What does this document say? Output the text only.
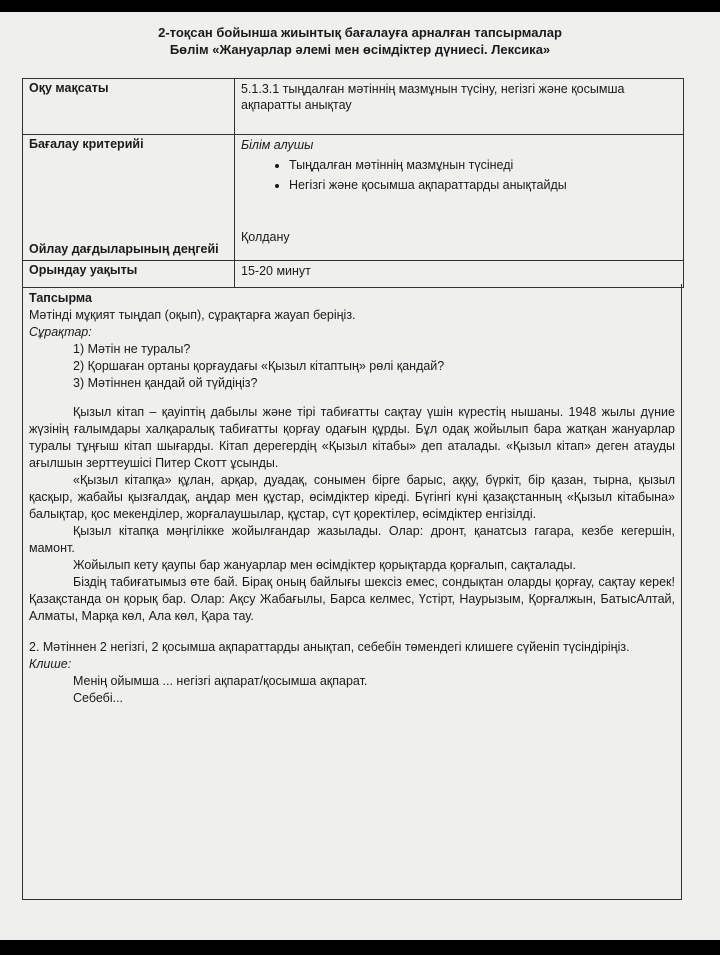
2-тоқсан бойынша жиынтық бағалауға арналған тапсырмалар
Бөлім «Жануарлар әлемі мен өсімдіктер дүниесі. Лексика»
Оқу мақсаты	5.1.3.1 тыңдалған мәтіннің мазмұнын түсіну, негізгі және қосымша ақпаратты анықтау
Бағалау критерийі
Ойлау дағдыларының деңгейі
Білім алушы
• Тыңдалған мәтіннің мазмұнын түсінеді
• Негізгі және қосымша ақпараттарды анықтайды
Қолдану
Орындау уақыты	15-20 минут

Тапсырма

Мәтінді мұқият тыңдап (оқып), сұрақтарға жауап беріңіз.

Сұрақтар:

1) Мәтін не туралы?

2) Қоршаған ортаны қорғаудағы «Қызыл кітаптың» рөлі қандай?

3) Мәтіннен қандай ой түйдіңіз?

Қызыл кітап – қауіптің дабылы және тірі табиғатты сақтау үшін күрестің нышаны. 1948 жылы дүние жүзінің ғалымдары халқаралық табиғатты қорғау одағын құрды. Бұл одақ жойылып бара жатқан жануарлар туралы тұңғыш кітап шығарды. Кітап дерегердің «Қызыл кітабы» деп аталады. «Қызыл кітап» деген атауды ағылшын зерттеушісі Питер Скотт ұсынды.

«Қызыл кітапқа» құлан, арқар, дуадақ, сонымен бірге барыс, аққу, бүркіт, бір қазан, тырна, қызыл қасқыр, жабайы қызғалдақ, аңдар мен құстар, өсімдіктер кіреді. Бүгінгі күні қазақстанның «Қызыл кітабына» балықтар, қос мекенділер, жорғалаушылар, құстар, сүт қоректілер, өсімдіктер енгізілді.

Қызыл кітапқа мәңгілікке жойылғандар жазылады. Олар: дронт, қанатсыз гагара, кезбе кегершін, мамонт.

Жойылып кету қаупы бар жануарлар мен өсімдіктер қорықтарда қорғалып, сақталады.

Біздің табиғатымыз өте бай. Бірақ оның байлығы шексіз емес, сондықтан оларды қорғау, сақтау керек! Қазақстанда он қорық бар. Олар: Ақсу Жабағылы, Барса келмес, Үстірт, Наурызым, Қорғалжын, БатысАлтай, Алматы, Марқа көл, Ала көл, Қара тау.

2. Мәтіннен 2 негізгі, 2 қосымша ақпараттарды анықтап, себебін төмендегі клишеге сүйеніп түсіндіріңіз.

Клише:

Менің ойымша ... негізгі ақпарат/қосымша ақпарат.

Себебі...
